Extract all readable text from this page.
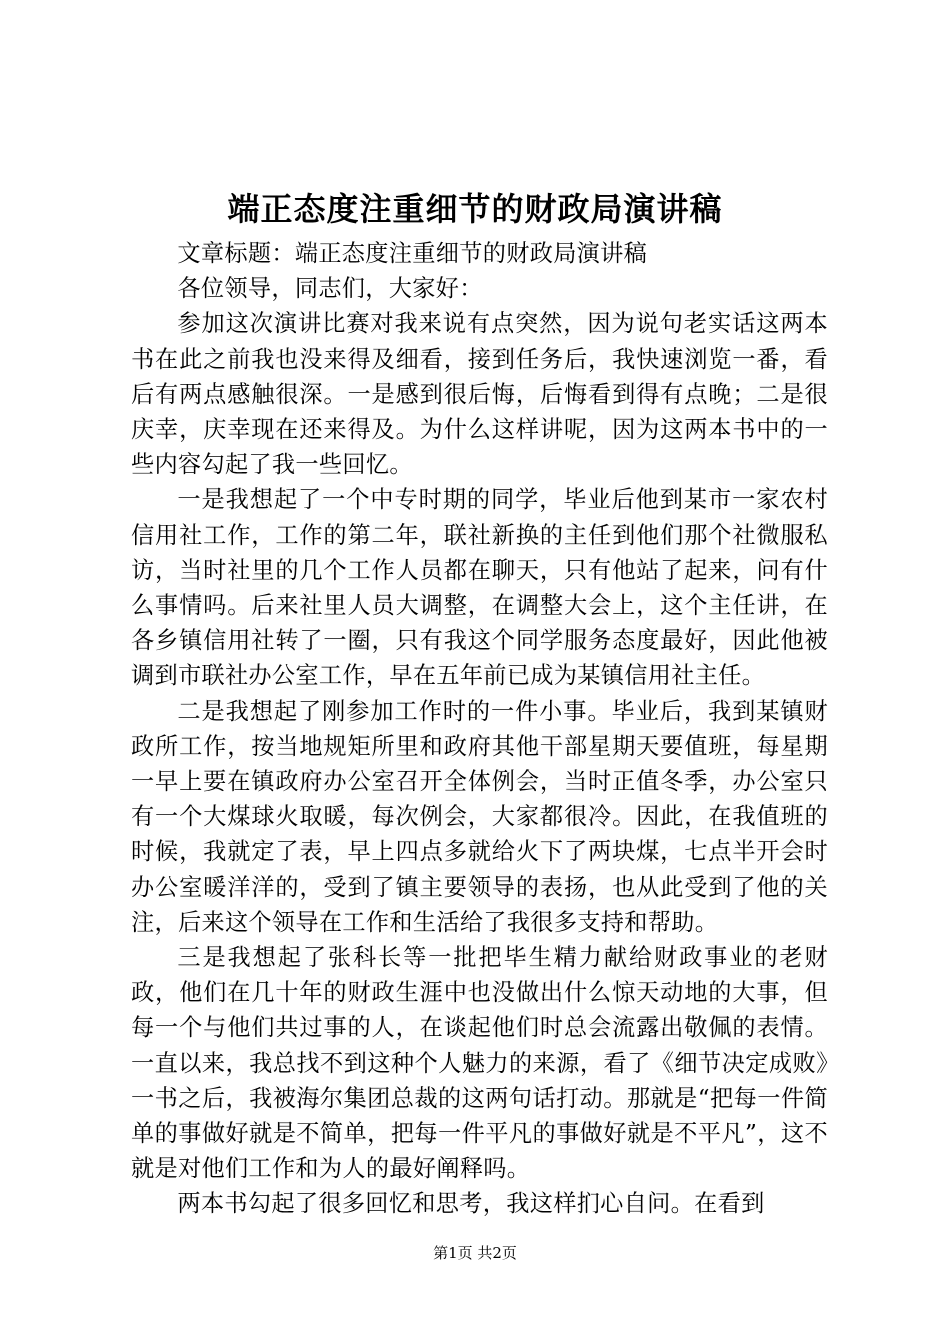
端正态度注重细节的财政局演讲稿

文章标题：端正态度注重细节的财政局演讲稿

各位领导，同志们，大家好：

参加这次演讲比赛对我来说有点突然，因为说句老实话这两本书在此之前我也没来得及细看，接到任务后，我快速浏览一番，看后有两点感触很深。一是感到很后悔，后悔看到得有点晚；二是很庆幸，庆幸现在还来得及。为什么这样讲呢，因为这两本书中的一些内容勾起了我一些回忆。

一是我想起了一个中专时期的同学，毕业后他到某市一家农村信用社工作，工作的第二年，联社新换的主任到他们那个社微服私访，当时社里的几个工作人员都在聊天，只有他站了起来，问有什么事情吗。后来社里人员大调整，在调整大会上，这个主任讲，在各乡镇信用社转了一圈，只有我这个同学服务态度最好，因此他被调到市联社办公室工作，早在五年前已成为某镇信用社主任。

二是我想起了刚参加工作时的一件小事。毕业后，我到某镇财政所工作，按当地规矩所里和政府其他干部星期天要值班，每星期一早上要在镇政府办公室召开全体例会，当时正值冬季，办公室只有一个大煤球火取暖，每次例会，大家都很冷。因此，在我值班的时候，我就定了表，早上四点多就给火下了两块煤，七点半开会时办公室暖洋洋的，受到了镇主要领导的表扬，也从此受到了他的关注，后来这个领导在工作和生活给了我很多支持和帮助。

三是我想起了张科长等一批把毕生精力献给财政事业的老财政，他们在几十年的财政生涯中也没做出什么惊天动地的大事，但每一个与他们共过事的人，在谈起他们时总会流露出敬佩的表情。一直以来，我总找不到这种个人魅力的来源，看了《细节决定成败》一书之后，我被海尔集团总裁的这两句话打动。那就是“把每一件简单的事做好就是不简单，把每一件平凡的事做好就是不平凡”，这不就是对他们工作和为人的最好阐释吗。

两本书勾起了很多回忆和思考，我这样扪心自问。在看到

第1页 共2页
